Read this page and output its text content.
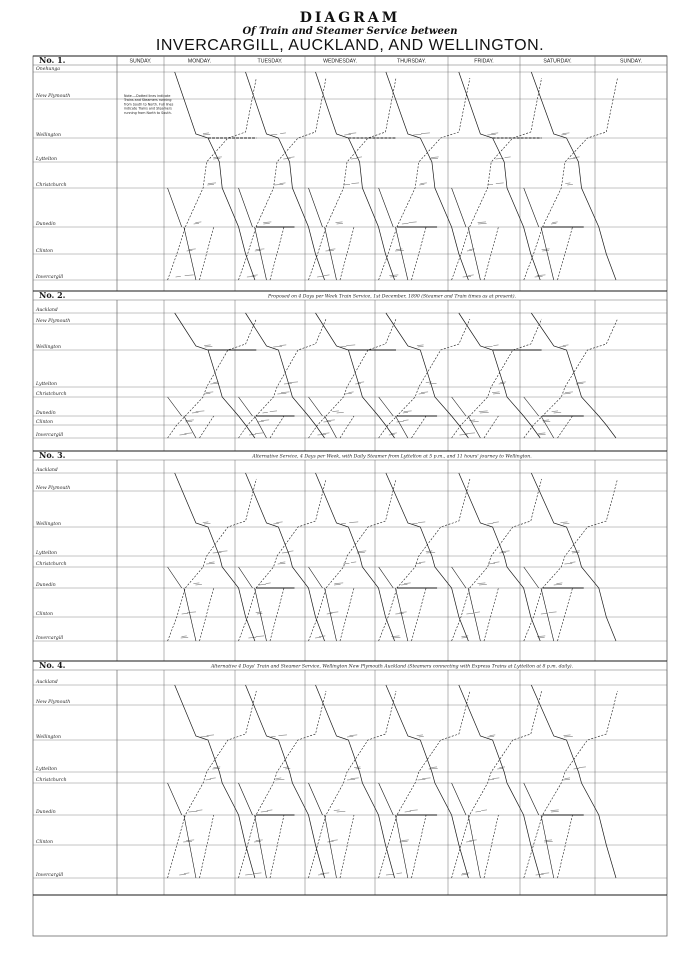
DIAGRAM
Of Train and Steamer Service between
INVERCARGILL, AUCKLAND, AND WELLINGTON.
No. 1.	SUNDAY.	MONDAY.	TUESDAY.	WEDNESDAY.	THURSDAY.	FRIDAY.	SATURDAY.	SUNDAY.
Onehunga
New Plymouth
Wellington
Lyttelton
Christchurch
Dunedin
Clinton
Invercargill
Note.—Dotted lines indicate
Trains and Steamers running
from South to North. Full lines
indicate Trains and Steamers
running from North to South.
No. 2.	Proposed on 4 Days per Week Train Service, 1st December, 1890 (Steamer and Train times as at present).
Auckland
New Plymouth
Wellington
Lyttelton
Christchurch
Dunedin
Clinton
Invercargill
No. 3.	Alternative Service, 4 Days per Week, with Daily Steamer from Lyttelton at 5 p.m., and 11 hours' journey to Wellington.
Auckland
New Plymouth
Wellington
Lyttelton
Christchurch
Dunedin
Clinton
Invercargill
No. 4.	Alternative 4 Days' Train and Steamer Service, Wellington New Plymouth Auckland (Steamers connecting with Express Trains at Lyttelton at 8 p.m. daily).
Auckland
New Plymouth
Wellington
Lyttelton
Christchurch
Dunedin
Clinton
Invercargill
